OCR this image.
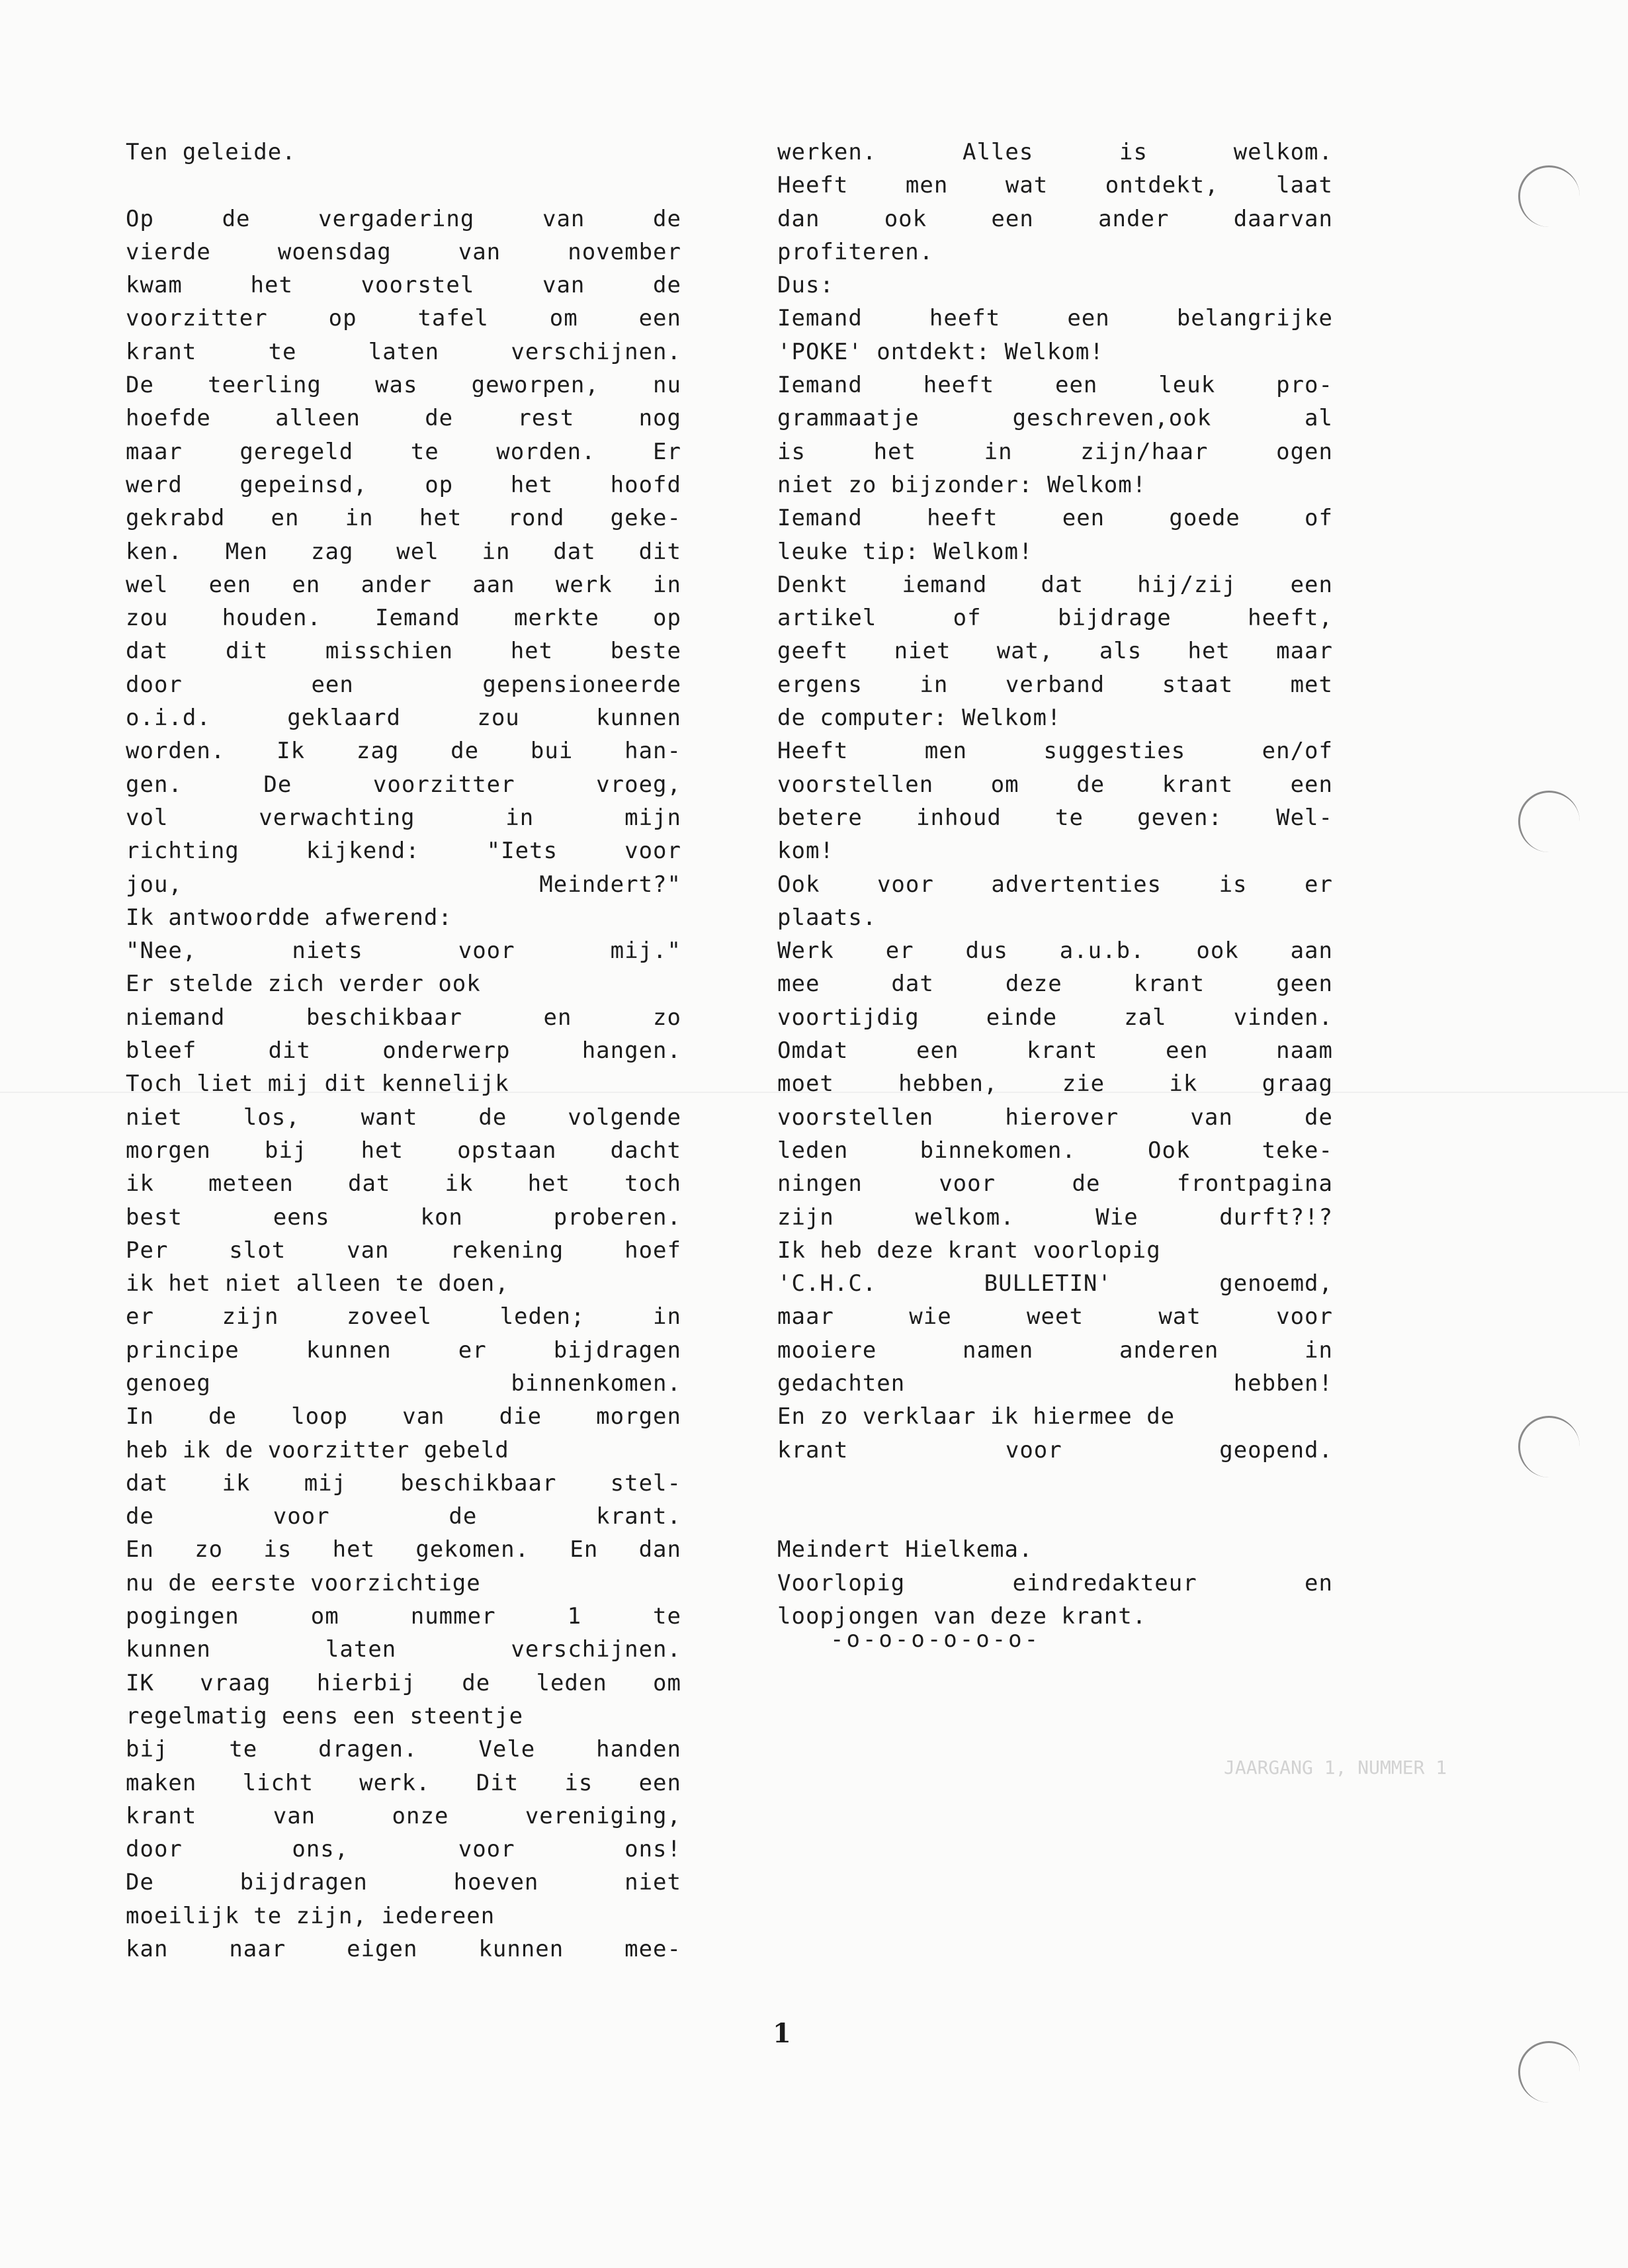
JAARGANG 1, NUMMER 1
Ten geleide.
Op de vergadering van de
vierde woensdag van november
kwam het voorstel van de
voorzitter op tafel om een
krant te laten verschijnen.
De teerling was geworpen, nu
hoefde alleen de rest nog
maar geregeld te worden. Er
werd gepeinsd, op het hoofd
gekrabd en in het rond geke-
ken. Men zag wel in dat dit
wel een en ander aan werk in
zou houden. Iemand merkte op
dat dit misschien het beste
door een gepensioneerde
o.i.d. geklaard zou kunnen
worden. Ik zag de bui han-
gen. De voorzitter vroeg,
vol verwachting in mijn
richting kijkend: "Iets voor
jou, Meindert?"
Ik antwoordde afwerend:
"Nee, niets voor mij."
Er stelde zich verder ook
niemand beschikbaar en zo
bleef dit onderwerp hangen.
Toch liet mij dit kennelijk
niet los, want de volgende
morgen bij het opstaan dacht
ik meteen dat ik het toch
best eens kon proberen.
Per slot van rekening hoef
ik het niet alleen te doen,
er zijn zoveel leden; in
principe kunnen er bijdragen
genoeg binnenkomen.
In de loop van die morgen
heb ik de voorzitter gebeld
dat ik mij beschikbaar stel-
de voor de krant.
En zo is het gekomen. En dan
nu de eerste voorzichtige
pogingen om nummer 1 te
kunnen laten verschijnen.
IK vraag hierbij de leden om
regelmatig eens een steentje
bij te dragen. Vele handen
maken licht werk. Dit is een
krant van onze vereniging,
door ons, voor ons!
De bijdragen hoeven niet
moeilijk te zijn, iedereen
kan naar eigen kunnen mee-
werken. Alles is welkom.
Heeft men wat ontdekt, laat
dan ook een ander daarvan
profiteren.
Dus:
Iemand heeft een belangrijke
'POKE' ontdekt: Welkom!
Iemand heeft een leuk pro-
grammaatje geschreven,ook al
is het in zijn/haar ogen
niet zo bijzonder: Welkom!
Iemand heeft een goede of
leuke tip: Welkom!
Denkt iemand dat hij/zij een
artikel of bijdrage heeft,
geeft niet wat, als het maar
ergens in verband staat met
de computer: Welkom!
Heeft men suggesties en/of
voorstellen om de krant een
betere inhoud te geven: Wel-
kom!
Ook voor advertenties is er
plaats.
Werk er dus a.u.b. ook aan
mee dat deze krant geen
voortijdig einde zal vinden.
Omdat een krant een naam
moet hebben, zie ik graag
voorstellen hierover van de
leden binnekomen. Ook teke-
ningen voor de frontpagina
zijn welkom. Wie durft?!?
Ik heb deze krant voorlopig
'C.H.C. BULLETIN' genoemd,
maar wie weet wat voor
mooiere namen anderen in
gedachten hebben!
En zo verklaar ik hiermee de
krant voor geopend.
Meindert Hielkema.
Voorlopig eindredakteur en
loopjongen van deze krant.
-o-o-o-o-o-o-
1
